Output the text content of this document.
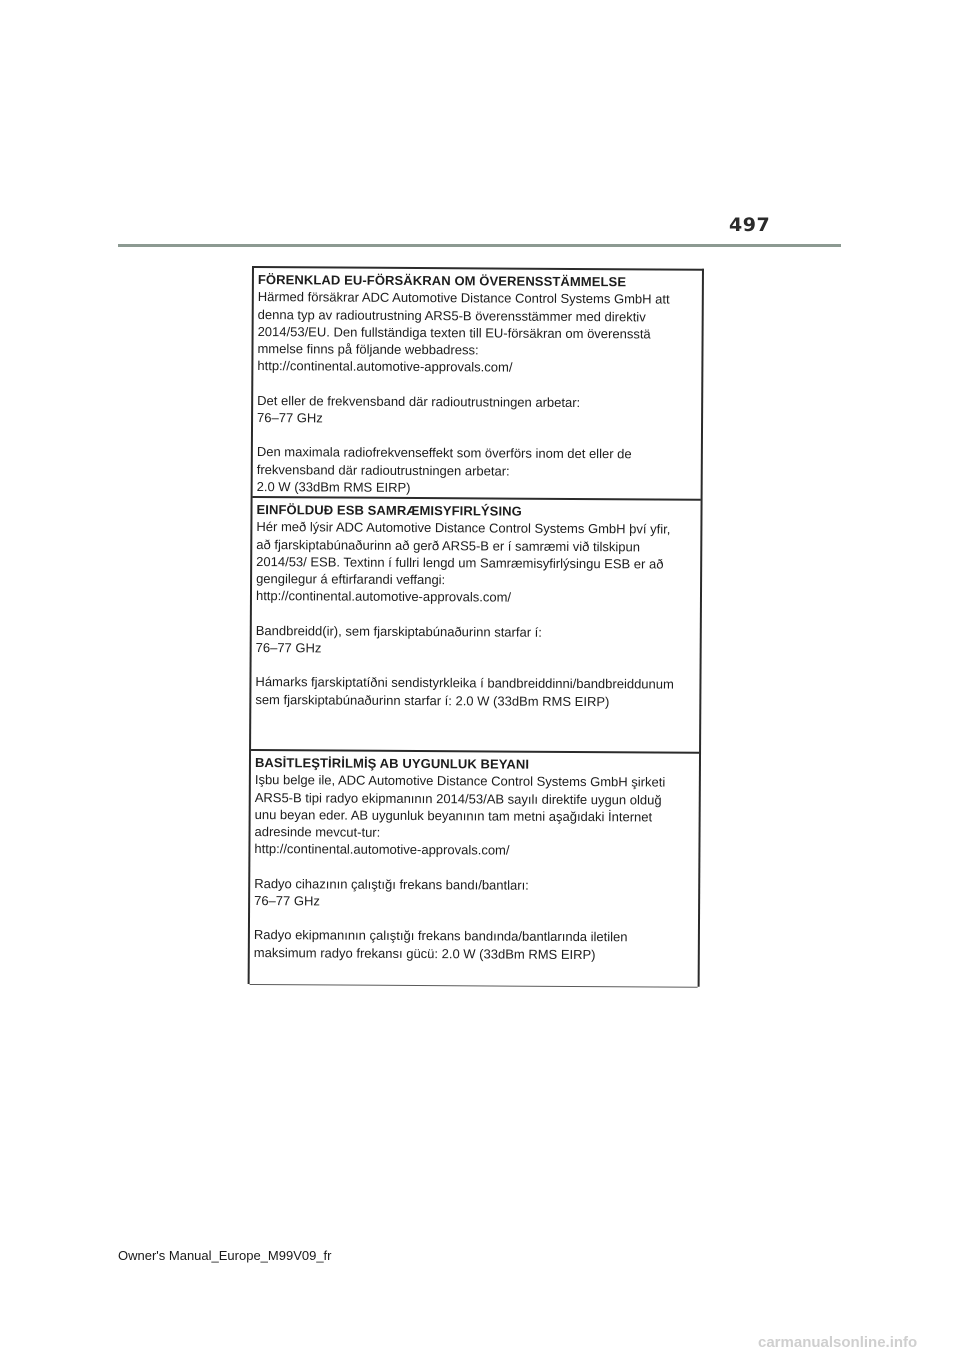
497
FÖRENKLAD EU-FÖRSÄKRAN OM ÖVERENSSTÄMMELSE

Härmed försäkrar ADC Automotive Distance Control Systems GmbH att

denna typ av radioutrustning ARS5-B överensstämmer med direktiv

2014/53/EU. Den fullständiga texten till EU-försäkran om överensstä

mmelse finns på följande webbadress:

http://continental.automotive-approvals.com/

Det eller de frekvensband där radioutrustningen arbetar:

76–77 GHz

Den maximala radiofrekvenseffekt som överförs inom det eller de

frekvensband där radioutrustningen arbetar:

2.0 W (33dBm RMS EIRP)

EINFÖLDUÐ ESB SAMRÆMISYFIRLÝSING

Hér með lýsir ADC Automotive Distance Control Systems GmbH því yfir,

að fjarskiptabúnaðurinn að gerð ARS5-B er í samræmi við tilskipun

2014/53/ ESB. Textinn í fullri lengd um Samræmisyfirlýsingu ESB er að

gengilegur á eftirfarandi veffangi:

http://continental.automotive-approvals.com/

Bandbreidd(ir), sem fjarskiptabúnaðurinn starfar í:

76–77 GHz

Hámarks fjarskiptatíðni sendistyrkleika í bandbreiddinni/bandbreiddunum

sem fjarskiptabúnaðurinn starfar í: 2.0 W (33dBm RMS EIRP)

BASİTLEŞTİRİLMİŞ AB UYGUNLUK BEYANI

Işbu belge ile, ADC Automotive Distance Control Systems GmbH şirketi

ARS5-B tipi radyo ekipmanının 2014/53/AB sayılı direktife uygun olduğ

unu beyan eder. AB uygunluk beyanının tam metni aşağıdaki İnternet

adresinde mevcut-tur:

http://continental.automotive-approvals.com/

Radyo cihazının çalıştığı frekans bandı/bantları:

76–77 GHz

Radyo ekipmanının çalıştığı frekans bandında/bantlarında iletilen

maksimum radyo frekansı gücü: 2.0 W (33dBm RMS EIRP)

Owner's Manual_Europe_M99V09_fr
carmanualsonline.info
